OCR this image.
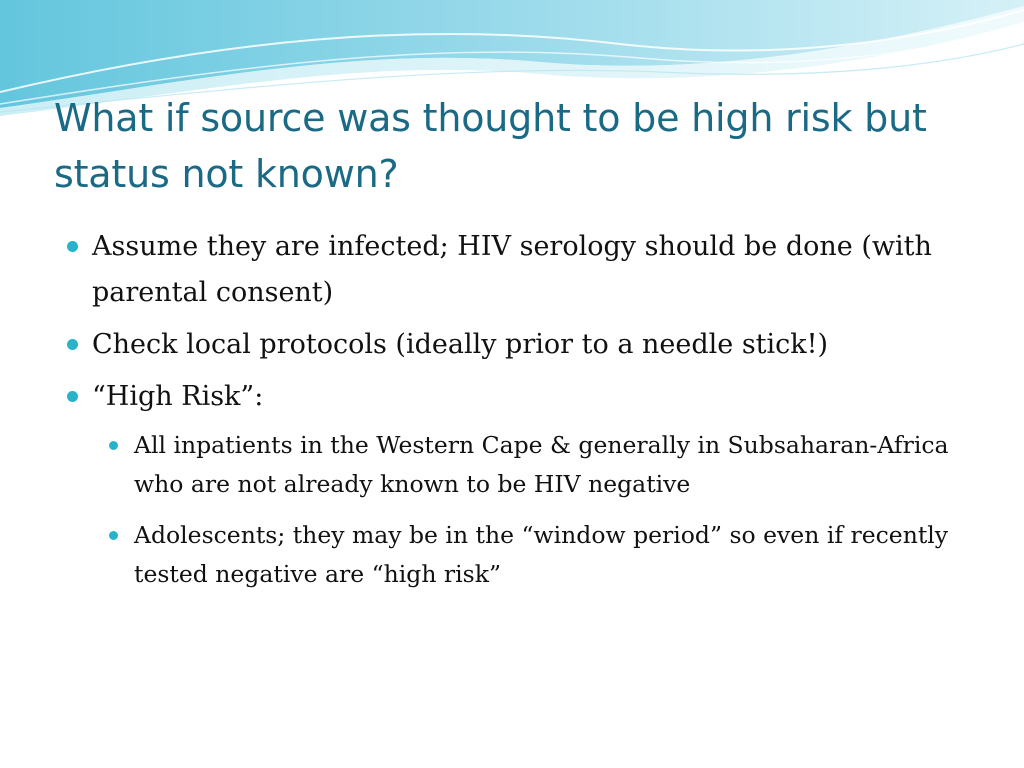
What if source was thought to be high risk but status not known?
Assume they are infected; HIV serology should be done (with parental consent)
Check local protocols (ideally prior to a needle stick!)
“High Risk”:
All inpatients in the Western Cape & generally in Subsaharan-Africa who are not already known to be HIV negative
Adolescents; they may be in the “window period” so even if recently tested negative are “high risk”
